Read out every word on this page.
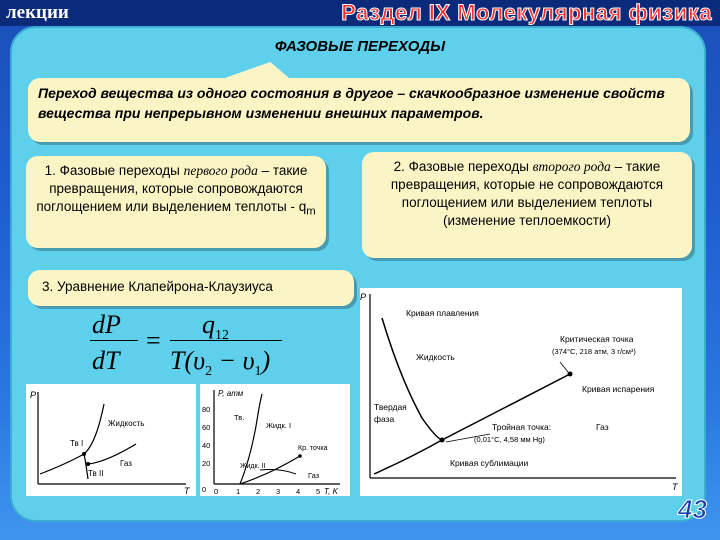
лекции	Раздел IX Молекулярная физика
ФАЗОВЫЕ ПЕРЕХОДЫ
Переход вещества из одного состояния в другое – скачкообразное изменение свойств вещества при непрерывном изменении внешних параметров.
1. Фазовые переходы первого рода – такие превращения, которые сопровождаются поглощением или выделением теплоты - $q_m$
2. Фазовые переходы второго рода – такие превращения, которые не сопровождаются поглощением или выделением теплоты (изменение теплоемкости)
3. Уравнение Клапейрона-Клаузиуса
dP
dT
=
$q_{12}$
$T(\upsilon_2 - \upsilon_1)$
P
T
Жидкость
Тв I
Газ
Тв II
P, атм
T, K
80
60
40
20
0 0 1 2 3 4 5
Тв.
Жидк. I
Кр. точка
Жидк. II
Газ
P
T
Кривая плавления
Жидкость
Критическая точка
(374°С, 218 атм, 3 г/см³)
Кривая испарения
Твердая
фаза
Тройная точка:
(0,01°С, 4,58 мм Hg)
Газ
Кривая сублимации
43
